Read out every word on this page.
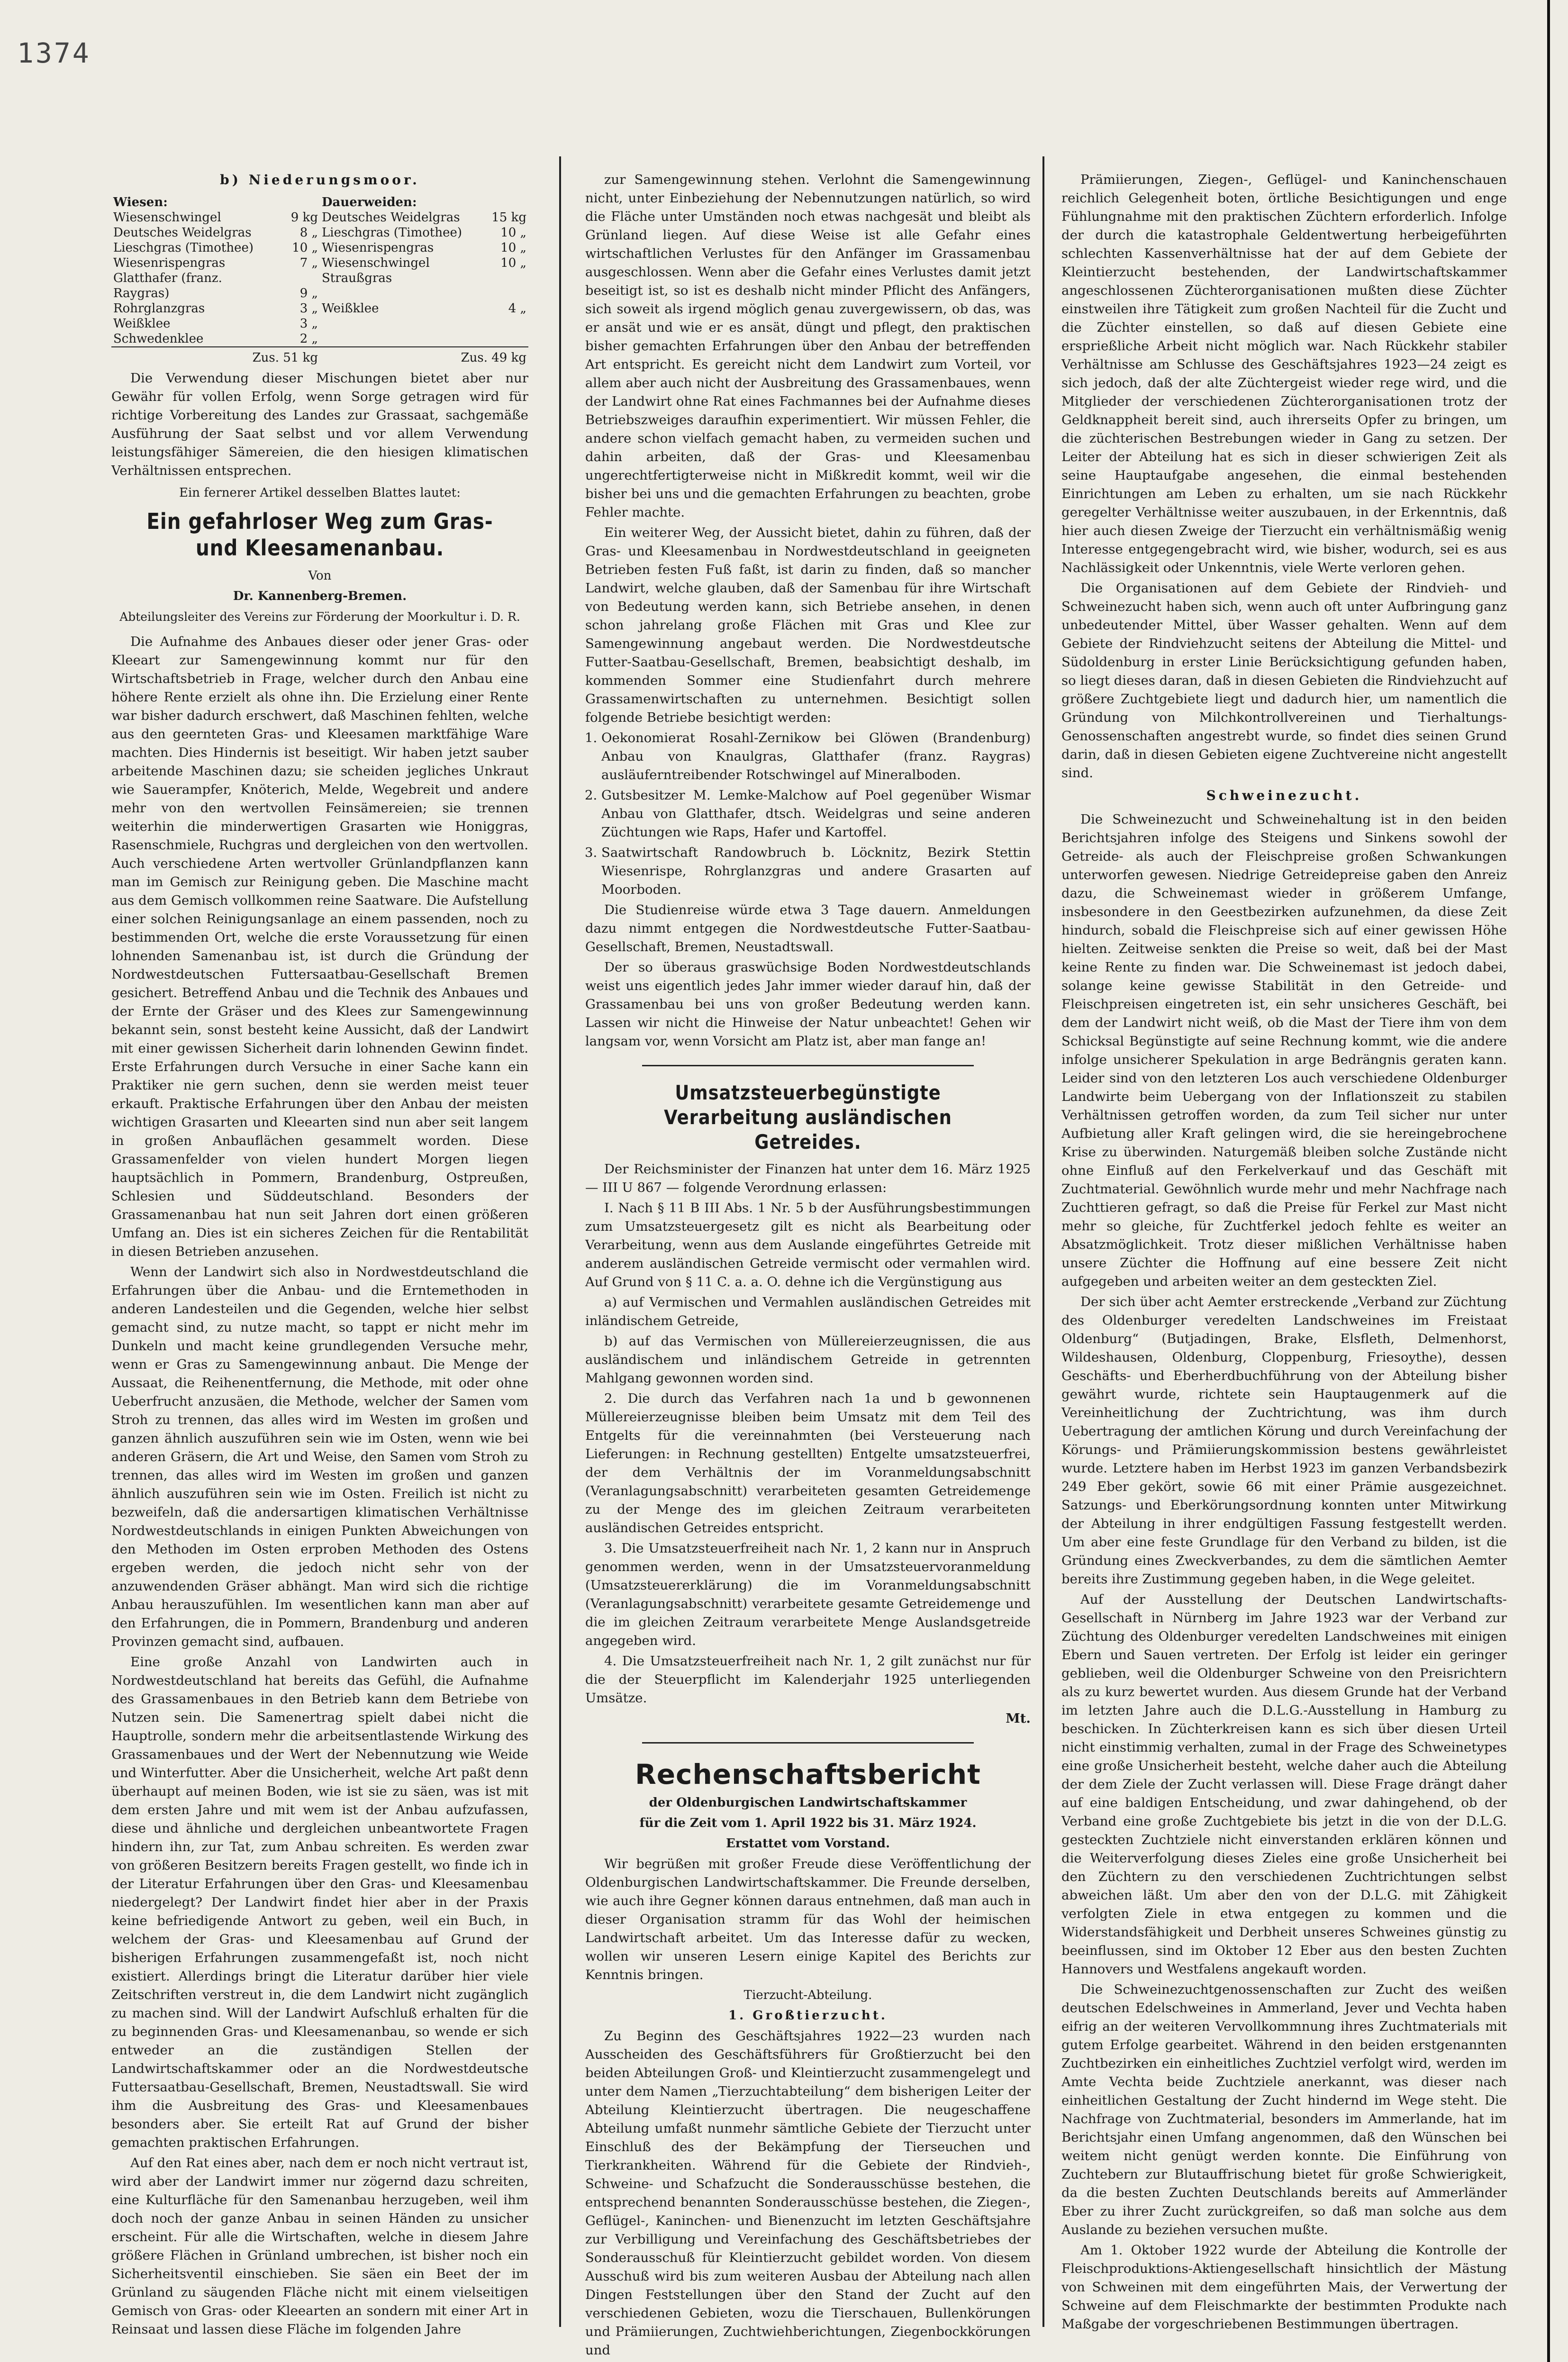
1374
b) Niederungsmoor.
Wiesen:		Dauerweiden:	
Wiesenschwingel	9 kg	Deutsches Weidelgras	15 kg
Deutsches Weidelgras	8 „	Lieschgras (Timothee)	10 „
Lieschgras (Timothee)	10 „	Wiesenrispengras	10 „
Wiesenrispengras	7 „	Wiesenschwingel	10 „
Glatthafer (franz.		Straußgras	
Raygras)	9 „		
Rohrglanzgras	3 „	Weißklee	4 „
Weißklee	3 „		
Schwedenklee	2 „		
Zus. 51 kg		Zus. 49 kg	

Die Verwendung dieser Mischungen bietet aber nur Gewähr für vollen Erfolg, wenn Sorge getragen wird für richtige Vorbereitung des Landes zur Grassaat, sachgemäße Ausführung der Saat selbst und vor allem Verwendung leistungsfähiger Sämereien, die den hiesigen klimatischen Verhältnissen entsprechen.

Ein fernerer Artikel desselben Blattes lautet:
Ein gefahrloser Weg zum Gras- und Kleesamenanbau.
Von
Dr. Kannenberg-Bremen.
Abteilungsleiter des Vereins zur Förderung der Moorkultur i. D. R.

Die Aufnahme des Anbaues dieser oder jener Gras- oder Kleeart zur Samengewinnung kommt nur für den Wirtschaftsbetrieb in Frage, welcher durch den Anbau eine höhere Rente erzielt als ohne ihn. Die Erzielung einer Rente war bisher dadurch erschwert, daß Maschinen fehlten, welche aus den geernteten Gras- und Kleesamen marktfähige Ware machten. Dies Hindernis ist beseitigt. Wir haben jetzt sauber arbeitende Maschinen dazu; sie scheiden jegliches Unkraut wie Sauerampfer, Knöterich, Melde, Wegebreit und andere mehr von den wertvollen Feinsämereien; sie trennen weiterhin die minderwertigen Grasarten wie Honiggras, Rasenschmiele, Ruchgras und dergleichen von den wertvollen. Auch verschiedene Arten wertvoller Grünlandpflanzen kann man im Gemisch zur Reinigung geben. Die Maschine macht aus dem Gemisch vollkommen reine Saatware. Die Aufstellung einer solchen Reinigungsanlage an einem passenden, noch zu bestimmenden Ort, welche die erste Voraussetzung für einen lohnenden Samenanbau ist, ist durch die Gründung der Nordwestdeutschen Futtersaatbau-Gesellschaft Bremen gesichert. Betreffend Anbau und die Technik des Anbaues und der Ernte der Gräser und des Klees zur Samengewinnung bekannt sein, sonst besteht keine Aussicht, daß der Landwirt mit einer gewissen Sicherheit darin lohnenden Gewinn findet. Erste Erfahrungen durch Versuche in einer Sache kann ein Praktiker nie gern suchen, denn sie werden meist teuer erkauft. Praktische Erfahrungen über den Anbau der meisten wichtigen Grasarten und Kleearten sind nun aber seit langem in großen Anbauflächen gesammelt worden. Diese Grassamenfelder von vielen hundert Morgen liegen hauptsächlich in Pommern, Brandenburg, Ostpreußen, Schlesien und Süddeutschland. Besonders der Grassamenanbau hat nun seit Jahren dort einen größeren Umfang an. Dies ist ein sicheres Zeichen für die Rentabilität in diesen Betrieben anzusehen.

Wenn der Landwirt sich also in Nordwestdeutschland die Erfahrungen über die Anbau- und die Erntemethoden in anderen Landesteilen und die Gegenden, welche hier selbst gemacht sind, zu nutze macht, so tappt er nicht mehr im Dunkeln und macht keine grundlegenden Versuche mehr, wenn er Gras zu Samengewinnung anbaut. Die Menge der Aussaat, die Reihenentfernung, die Methode, mit oder ohne Ueberfrucht anzusäen, die Methode, welcher der Samen vom Stroh zu trennen, das alles wird im Westen im großen und ganzen ähnlich auszuführen sein wie im Osten, wenn wie bei anderen Gräsern, die Art und Weise, den Samen vom Stroh zu trennen, das alles wird im Westen im großen und ganzen ähnlich auszuführen sein wie im Osten. Freilich ist nicht zu bezweifeln, daß die andersartigen klimatischen Verhältnisse Nordwestdeutschlands in einigen Punkten Abweichungen von den Methoden im Osten erproben Methoden des Ostens ergeben werden, die jedoch nicht sehr von der anzuwendenden Gräser abhängt. Man wird sich die richtige Anbau herauszufühlen. Im wesentlichen kann man aber auf den Erfahrungen, die in Pommern, Brandenburg und anderen Provinzen gemacht sind, aufbauen.

Eine große Anzahl von Landwirten auch in Nordwestdeutschland hat bereits das Gefühl, die Aufnahme des Grassamenbaues in den Betrieb kann dem Betriebe von Nutzen sein. Die Samenertrag spielt dabei nicht die Hauptrolle, sondern mehr die arbeitsentlastende Wirkung des Grassamenbaues und der Wert der Nebennutzung wie Weide und Winterfutter. Aber die Unsicherheit, welche Art paßt denn überhaupt auf meinen Boden, wie ist sie zu säen, was ist mit dem ersten Jahre und mit wem ist der Anbau aufzufassen, diese und ähnliche und dergleichen unbeantwortete Fragen hindern ihn, zur Tat, zum Anbau schreiten. Es werden zwar von größeren Besitzern bereits Fragen gestellt, wo finde ich in der Literatur Erfahrungen über den Gras- und Kleesamenbau niedergelegt? Der Landwirt findet hier aber in der Praxis keine befriedigende Antwort zu geben, weil ein Buch, in welchem der Gras- und Kleesamenbau auf Grund der bisherigen Erfahrungen zusammengefaßt ist, noch nicht existiert. Allerdings bringt die Literatur darüber hier viele Zeitschriften verstreut in, die dem Landwirt nicht zugänglich zu machen sind. Will der Landwirt Aufschluß erhalten für die zu beginnenden Gras- und Kleesamenanbau, so wende er sich entweder an die zuständigen Stellen der Landwirtschaftskammer oder an die Nordwestdeutsche Futtersaatbau-Gesellschaft, Bremen, Neustadtswall. Sie wird ihm die Ausbreitung des Gras- und Kleesamenbaues besonders aber. Sie erteilt Rat auf Grund der bisher gemachten praktischen Erfahrungen.

Auf den Rat eines aber, nach dem er noch nicht vertraut ist, wird aber der Landwirt immer nur zögernd dazu schreiten, eine Kulturfläche für den Samenanbau herzugeben, weil ihm doch noch der ganze Anbau in seinen Händen zu unsicher erscheint. Für alle die Wirtschaften, welche in diesem Jahre größere Flächen in Grünland umbrechen, ist bisher noch ein Sicherheitsventil einschieben. Sie säen ein Beet der im Grünland zu säugenden Fläche nicht mit einem vielseitigen Gemisch von Gras- oder Kleearten an sondern mit einer Art in Reinsaat und lassen diese Fläche im folgenden Jahre

zur Samengewinnung stehen. Verlohnt die Samengewinnung nicht, unter Einbeziehung der Nebennutzungen natürlich, so wird die Fläche unter Umständen noch etwas nachgesät und bleibt als Grünland liegen. Auf diese Weise ist alle Gefahr eines wirtschaftlichen Verlustes für den Anfänger im Grassamenbau ausgeschlossen. Wenn aber die Gefahr eines Verlustes damit jetzt beseitigt ist, so ist es deshalb nicht minder Pflicht des Anfängers, sich soweit als irgend möglich genau zuvergewissern, ob das, was er ansät und wie er es ansät, düngt und pflegt, den praktischen bisher gemachten Erfahrungen über den Anbau der betreffenden Art entspricht. Es gereicht nicht dem Landwirt zum Vorteil, vor allem aber auch nicht der Ausbreitung des Grassamenbaues, wenn der Landwirt ohne Rat eines Fachmannes bei der Aufnahme dieses Betriebszweiges daraufhin experimentiert. Wir müssen Fehler, die andere schon vielfach gemacht haben, zu vermeiden suchen und dahin arbeiten, daß der Gras- und Kleesamenbau ungerechtfertigterweise nicht in Mißkredit kommt, weil wir die bisher bei uns und die gemachten Erfahrungen zu beachten, grobe Fehler machte.

Ein weiterer Weg, der Aussicht bietet, dahin zu führen, daß der Gras- und Kleesamenbau in Nordwestdeutschland in geeigneten Betrieben festen Fuß faßt, ist darin zu finden, daß so mancher Landwirt, welche glauben, daß der Samenbau für ihre Wirtschaft von Bedeutung werden kann, sich Betriebe ansehen, in denen schon jahrelang große Flächen mit Gras und Klee zur Samengewinnung angebaut werden. Die Nordwestdeutsche Futter-Saatbau-Gesellschaft, Bremen, beabsichtigt deshalb, im kommenden Sommer eine Studienfahrt durch mehrere Grassamenwirtschaften zu unternehmen. Besichtigt sollen folgende Betriebe besichtigt werden:

1. Oekonomierat Rosahl-Zernikow bei Glöwen (Brandenburg) Anbau von Knaulgras, Glatthafer (franz. Raygras) ausläuferntreibender Rotschwingel auf Mineralboden.
2. Gutsbesitzer M. Lemke-Malchow auf Poel gegenüber Wismar Anbau von Glatthafer, dtsch. Weidelgras und seine anderen Züchtungen wie Raps, Hafer und Kartoffel.
3. Saatwirtschaft Randowbruch b. Löcknitz, Bezirk Stettin Wiesenrispe, Rohrglanzgras und andere Grasarten auf Moorboden.

Die Studienreise würde etwa 3 Tage dauern. Anmeldungen dazu nimmt entgegen die Nordwestdeutsche Futter-Saatbau-Gesellschaft, Bremen, Neustadtswall.

Der so überaus graswüchsige Boden Nordwestdeutschlands weist uns eigentlich jedes Jahr immer wieder darauf hin, daß der Grassamenbau bei uns von großer Bedeutung werden kann. Lassen wir nicht die Hinweise der Natur unbeachtet! Gehen wir langsam vor, wenn Vorsicht am Platz ist, aber man fange an!

Umsatzsteuerbegünstigte Verarbeitung ausländischen Getreides.

Der Reichsminister der Finanzen hat unter dem 16. März 1925 — III U 867 — folgende Verordnung erlassen:

I. Nach § 11 B III Abs. 1 Nr. 5 b der Ausführungsbestimmungen zum Umsatzsteuergesetz gilt es nicht als Bearbeitung oder Verarbeitung, wenn aus dem Auslande eingeführtes Getreide mit anderem ausländischen Getreide vermischt oder vermahlen wird. Auf Grund von § 11 C. a. a. O. dehne ich die Vergünstigung aus

a) auf Vermischen und Vermahlen ausländischen Getreides mit inländischem Getreide,

b) auf das Vermischen von Müllereierzeugnissen, die aus ausländischem und inländischem Getreide in getrennten Mahlgang gewonnen worden sind.

2. Die durch das Verfahren nach 1a und b gewonnenen Müllereierzeugnisse bleiben beim Umsatz mit dem Teil des Entgelts für die vereinnahmten (bei Versteuerung nach Lieferungen: in Rechnung gestellten) Entgelte umsatzsteuerfrei, der dem Verhältnis der im Voranmeldungsabschnitt (Veranlagungsabschnitt) verarbeiteten gesamten Getreidemenge zu der Menge des im gleichen Zeitraum verarbeiteten ausländischen Getreides entspricht.

3. Die Umsatzsteuerfreiheit nach Nr. 1, 2 kann nur in Anspruch genommen werden, wenn in der Umsatzsteuervoranmeldung (Umsatzsteuererklärung) die im Voranmeldungsabschnitt (Veranlagungsabschnitt) verarbeitete gesamte Getreidemenge und die im gleichen Zeitraum verarbeitete Menge Auslandsgetreide angegeben wird.

4. Die Umsatzsteuerfreiheit nach Nr. 1, 2 gilt zunächst nur für die der Steuerpflicht im Kalenderjahr 1925 unterliegenden Umsätze.

Mt.
Rechenschaftsbericht
der Oldenburgischen Landwirtschaftskammer
für die Zeit vom 1. April 1922 bis 31. März 1924.
Erstattet vom Vorstand.

Wir begrüßen mit großer Freude diese Veröffentlichung der Oldenburgischen Landwirtschaftskammer. Die Freunde derselben, wie auch ihre Gegner können daraus entnehmen, daß man auch in dieser Organisation stramm für das Wohl der heimischen Landwirtschaft arbeitet. Um das Interesse dafür zu wecken, wollen wir unseren Lesern einige Kapitel des Berichts zur Kenntnis bringen.

Tierzucht-Abteilung.
1. Großtierzucht.

Zu Beginn des Geschäftsjahres 1922—23 wurden nach Ausscheiden des Geschäftsführers für Großtierzucht bei den beiden Abteilungen Groß- und Kleintierzucht zusammengelegt und unter dem Namen „Tierzuchtabteilung“ dem bisherigen Leiter der Abteilung Kleintierzucht übertragen. Die neugeschaffene Abteilung umfaßt nunmehr sämtliche Gebiete der Tierzucht unter Einschluß des der Bekämpfung der Tierseuchen und Tierkrankheiten. Während für die Gebiete der Rindvieh-, Schweine- und Schafzucht die Sonderausschüsse bestehen, die entsprechend benannten Sonderausschüsse bestehen, die Ziegen-, Geflügel-, Kaninchen- und Bienenzucht im letzten Geschäftsjahre zur Verbilligung und Vereinfachung des Geschäftsbetriebes der Sonderausschuß für Kleintierzucht gebildet worden. Von diesem Ausschuß wird bis zum weiteren Ausbau der Abteilung nach allen Dingen Feststellungen über den Stand der Zucht auf den verschiedenen Gebieten, wozu die Tierschauen, Bullenkörungen und Prämiierungen, Zuchtwiehberichtungen, Ziegenbockkörungen und

Prämiierungen, Ziegen-, Geflügel- und Kaninchenschauen reichlich Gelegenheit boten, örtliche Besichtigungen und enge Fühlungnahme mit den praktischen Züchtern erforderlich. Infolge der durch die katastrophale Geldentwertung herbeigeführten schlechten Kassenverhältnisse hat der auf dem Gebiete der Kleintierzucht bestehenden, der Landwirtschaftskammer angeschlossenen Züchterorganisationen mußten diese Züchter einstweilen ihre Tätigkeit zum großen Nachteil für die Zucht und die Züchter einstellen, so daß auf diesen Gebiete eine ersprießliche Arbeit nicht möglich war. Nach Rückkehr stabiler Verhältnisse am Schlusse des Geschäftsjahres 1923—24 zeigt es sich jedoch, daß der alte Züchtergeist wieder rege wird, und die Mitglieder der verschiedenen Züchterorganisationen trotz der Geldknappheit bereit sind, auch ihrerseits Opfer zu bringen, um die züchterischen Bestrebungen wieder in Gang zu setzen. Der Leiter der Abteilung hat es sich in dieser schwierigen Zeit als seine Hauptaufgabe angesehen, die einmal bestehenden Einrichtungen am Leben zu erhalten, um sie nach Rückkehr geregelter Verhältnisse weiter auszubauen, in der Erkenntnis, daß hier auch diesen Zweige der Tierzucht ein verhältnismäßig wenig Interesse entgegengebracht wird, wie bisher, wodurch, sei es aus Nachlässigkeit oder Unkenntnis, viele Werte verloren gehen.

Die Organisationen auf dem Gebiete der Rindvieh- und Schweinezucht haben sich, wenn auch oft unter Aufbringung ganz unbedeutender Mittel, über Wasser gehalten. Wenn auf dem Gebiete der Rindviehzucht seitens der Abteilung die Mittel- und Südoldenburg in erster Linie Berücksichtigung gefunden haben, so liegt dieses daran, daß in diesen Gebieten die Rindviehzucht auf größere Zuchtgebiete liegt und dadurch hier, um namentlich die Gründung von Milchkontrollvereinen und Tierhaltungs-Genossenschaften angestrebt wurde, so findet dies seinen Grund darin, daß in diesen Gebieten eigene Zuchtvereine nicht angestellt sind.

Schweinezucht.

Die Schweinezucht und Schweinehaltung ist in den beiden Berichtsjahren infolge des Steigens und Sinkens sowohl der Getreide- als auch der Fleischpreise großen Schwankungen unterworfen gewesen. Niedrige Getreidepreise gaben den Anreiz dazu, die Schweinemast wieder in größerem Umfange, insbesondere in den Geestbezirken aufzunehmen, da diese Zeit hindurch, sobald die Fleischpreise sich auf einer gewissen Höhe hielten. Zeitweise senkten die Preise so weit, daß bei der Mast keine Rente zu finden war. Die Schweinemast ist jedoch dabei, solange keine gewisse Stabilität in den Getreide- und Fleischpreisen eingetreten ist, ein sehr unsicheres Geschäft, bei dem der Landwirt nicht weiß, ob die Mast der Tiere ihm von dem Schicksal Begünstigte auf seine Rechnung kommt, wie die andere infolge unsicherer Spekulation in arge Bedrängnis geraten kann. Leider sind von den letzteren Los auch verschiedene Oldenburger Landwirte beim Uebergang von der Inflationszeit zu stabilen Verhältnissen getroffen worden, da zum Teil sicher nur unter Aufbietung aller Kraft gelingen wird, die sie hereingebrochene Krise zu überwinden. Naturgemäß bleiben solche Zustände nicht ohne Einfluß auf den Ferkelverkauf und das Geschäft mit Zuchtmaterial. Gewöhnlich wurde mehr und mehr Nachfrage nach Zuchttieren gefragt, so daß die Preise für Ferkel zur Mast nicht mehr so gleiche, für Zuchtferkel jedoch fehlte es weiter an Absatzmöglichkeit. Trotz dieser mißlichen Verhältnisse haben unsere Züchter die Hoffnung auf eine bessere Zeit nicht aufgegeben und arbeiten weiter an dem gesteckten Ziel.

Der sich über acht Aemter erstreckende „Verband zur Züchtung des Oldenburger veredelten Landschweines im Freistaat Oldenburg“ (Butjadingen, Brake, Elsfleth, Delmenhorst, Wildeshausen, Oldenburg, Cloppenburg, Friesoythe), dessen Geschäfts- und Eberherdbuchführung von der Abteilung bisher gewährt wurde, richtete sein Hauptaugenmerk auf die Vereinheitlichung der Zuchtrichtung, was ihm durch Uebertragung der amtlichen Körung und durch Vereinfachung der Körungs- und Prämiierungskommission bestens gewährleistet wurde. Letztere haben im Herbst 1923 im ganzen Verbandsbezirk 249 Eber gekört, sowie 66 mit einer Prämie ausgezeichnet. Satzungs- und Eberkörungsordnung konnten unter Mitwirkung der Abteilung in ihrer endgültigen Fassung festgestellt werden. Um aber eine feste Grundlage für den Verband zu bilden, ist die Gründung eines Zweckverbandes, zu dem die sämtlichen Aemter bereits ihre Zustimmung gegeben haben, in die Wege geleitet.

Auf der Ausstellung der Deutschen Landwirtschafts-Gesellschaft in Nürnberg im Jahre 1923 war der Verband zur Züchtung des Oldenburger veredelten Landschweines mit einigen Ebern und Sauen vertreten. Der Erfolg ist leider ein geringer geblieben, weil die Oldenburger Schweine von den Preisrichtern als zu kurz bewertet wurden. Aus diesem Grunde hat der Verband im letzten Jahre auch die D.L.G.-Ausstellung in Hamburg zu beschicken. In Züchterkreisen kann es sich über diesen Urteil nicht einstimmig verhalten, zumal in der Frage des Schweinetypes eine große Unsicherheit besteht, welche daher auch die Abteilung der dem Ziele der Zucht verlassen will. Diese Frage drängt daher auf eine baldigen Entscheidung, und zwar dahingehend, ob der Verband eine große Zuchtgebiete bis jetzt in die von der D.L.G. gesteckten Zuchtziele nicht einverstanden erklären können und die Weiterverfolgung dieses Zieles eine große Unsicherheit bei den Züchtern zu den verschiedenen Zuchtrichtungen selbst abweichen läßt. Um aber den von der D.L.G. mit Zähigkeit verfolgten Ziele in etwa entgegen zu kommen und die Widerstandsfähigkeit und Derbheit unseres Schweines günstig zu beeinflussen, sind im Oktober 12 Eber aus den besten Zuchten Hannovers und Westfalens angekauft worden.

Die Schweinezuchtgenossenschaften zur Zucht des weißen deutschen Edelschweines in Ammerland, Jever und Vechta haben eifrig an der weiteren Vervollkommnung ihres Zuchtmaterials mit gutem Erfolge gearbeitet. Während in den beiden erstgenannten Zuchtbezirken ein einheitliches Zuchtziel verfolgt wird, werden im Amte Vechta beide Zuchtziele anerkannt, was dieser nach einheitlichen Gestaltung der Zucht hindernd im Wege steht. Die Nachfrage von Zuchtmaterial, besonders im Ammerlande, hat im Berichtsjahr einen Umfang angenommen, daß den Wünschen bei weitem nicht genügt werden konnte. Die Einführung von Zuchtebern zur Blutauffrischung bietet für große Schwierigkeit, da die besten Zuchten Deutschlands bereits auf Ammerländer Eber zu ihrer Zucht zurückgreifen, so daß man solche aus dem Auslande zu beziehen versuchen mußte.

Am 1. Oktober 1922 wurde der Abteilung die Kontrolle der Fleischproduktions-Aktiengesellschaft hinsichtlich der Mästung von Schweinen mit dem eingeführten Mais, der Verwertung der Schweine auf dem Fleischmarkte der bestimmten Produkte nach Maßgabe der vorgeschriebenen Bestimmungen übertragen.
